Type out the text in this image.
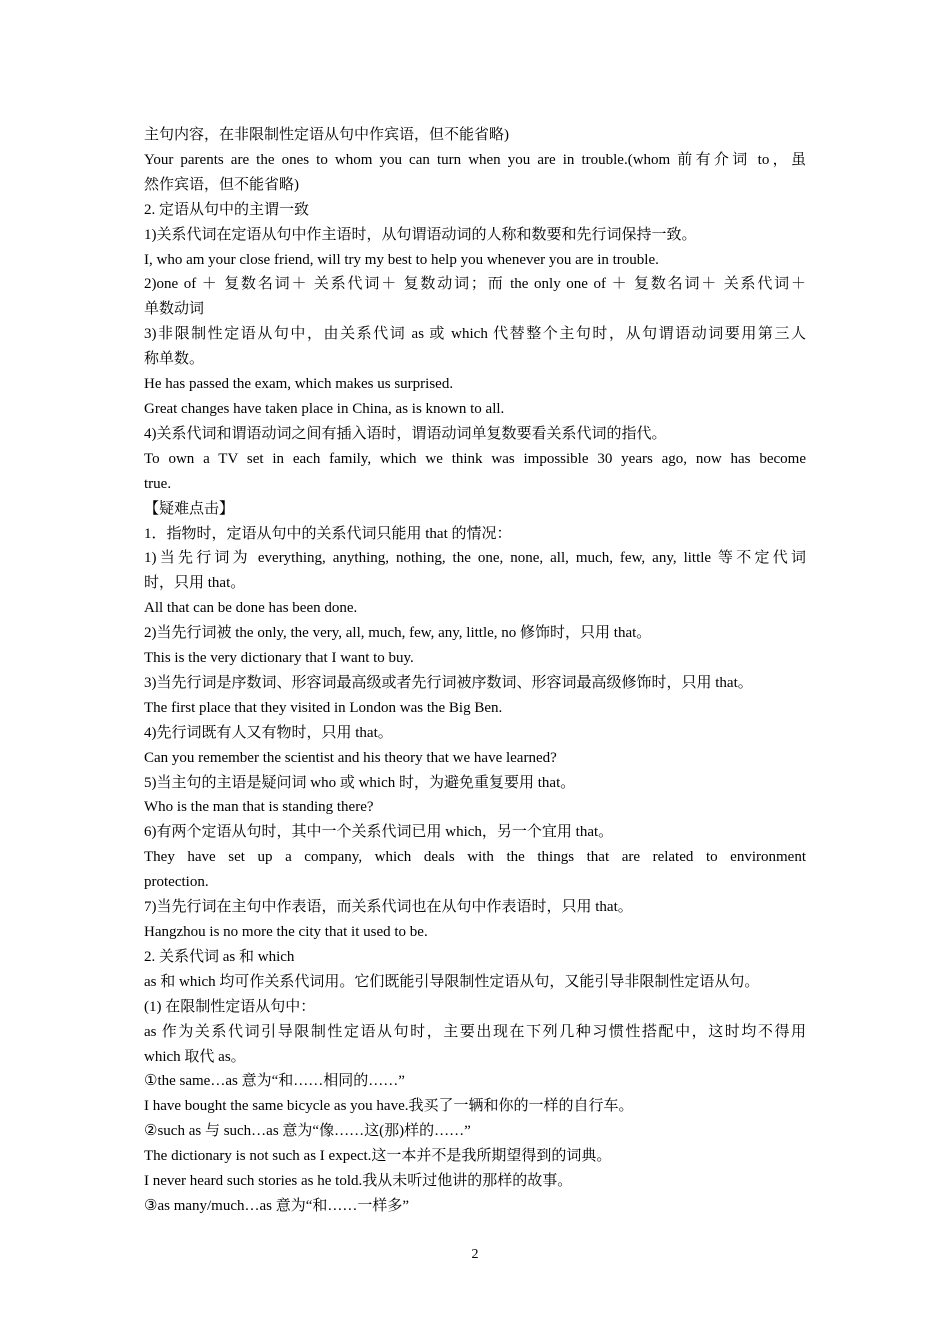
主句内容，在非限制性定语从句中作宾语，但不能省略)
Your parents are the ones to whom you can turn when you are in trouble.(whom 前有介词 to，虽
然作宾语，但不能省略)
2. 定语从句中的主谓一致
1)关系代词在定语从句中作主语时，从句谓语动词的人称和数要和先行词保持一致。
I, who am your close friend, will try my best to help you whenever you are in trouble.
2)one of ＋ 复数名词＋ 关系代词＋ 复数动词；而 the only one of ＋ 复数名词＋ 关系代词＋
单数动词
3)非限制性定语从句中，由关系代词 as 或 which 代替整个主句时，从句谓语动词要用第三人
称单数。
He has passed the exam, which makes us surprised.
Great changes have taken place in China, as is known to all.
4)关系代词和谓语动词之间有插入语时，谓语动词单复数要看关系代词的指代。
To own a TV set in each family, which we think was impossible 30 years ago, now has become
true.
【疑难点击】
1．指物时，定语从句中的关系代词只能用 that 的情况：
1)当先行词为 everything, anything, nothing, the one, none, all, much, few, any, little 等不定代词
时，只用 that。
All that can be done has been done.
2)当先行词被 the only, the very, all, much, few, any, little, no 修饰时，只用 that。
This is the very dictionary that I want to buy.
3)当先行词是序数词、形容词最高级或者先行词被序数词、形容词最高级修饰时，只用 that。
The first place that they visited in London was the Big Ben.
4)先行词既有人又有物时，只用 that。
Can you remember the scientist and his theory that we have learned?
5)当主句的主语是疑问词 who 或 which 时，为避免重复要用 that。
Who is the man that is standing there?
6)有两个定语从句时，其中一个关系代词已用 which，另一个宜用 that。
They have set up a company, which deals with the things that are related to environment
protection.
7)当先行词在主句中作表语，而关系代词也在从句中作表语时，只用 that。
Hangzhou is no more the city that it used to be.
2. 关系代词 as 和 which
as 和 which 均可作关系代词用。它们既能引导限制性定语从句，又能引导非限制性定语从句。
(1) 在限制性定语从句中：
as 作为关系代词引导限制性定语从句时，主要出现在下列几种习惯性搭配中，这时均不得用
which 取代 as。
①the same…as 意为“和……相同的……”
I have bought the same bicycle as you have.我买了一辆和你的一样的自行车。
②such as 与 such…as 意为“像……这(那)样的……”
The dictionary is not such as I expect.这一本并不是我所期望得到的词典。
I never heard such stories as he told.我从未听过他讲的那样的故事。
③as many/much…as 意为“和……一样多”
2
